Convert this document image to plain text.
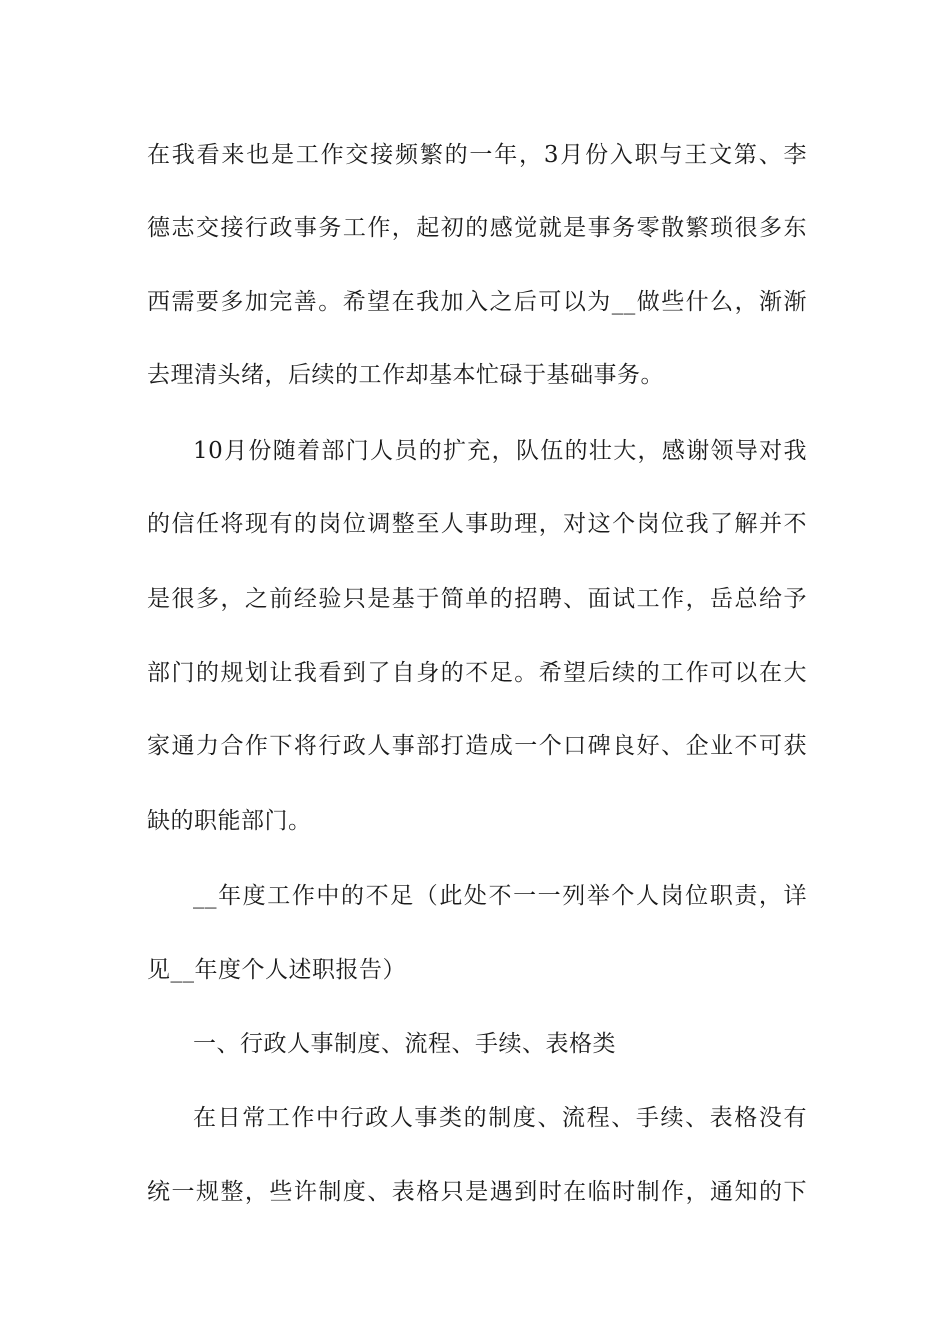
在我看来也是工作交接频繁的一年，3月份入职与王文第、李
德志交接行政事务工作，起初的感觉就是事务零散繁琐很多东
西需要多加完善。希望在我加入之后可以为__做些什么，渐渐
去理清头绪，后续的工作却基本忙碌于基础事务。
10月份随着部门人员的扩充，队伍的壮大，感谢领导对我
的信任将现有的岗位调整至人事助理，对这个岗位我了解并不
是很多，之前经验只是基于简单的招聘、面试工作，岳总给予
部门的规划让我看到了自身的不足。希望后续的工作可以在大
家通力合作下将行政人事部打造成一个口碑良好、企业不可获
缺的职能部门。
__年度工作中的不足（此处不一一列举个人岗位职责，详
见__年度个人述职报告）
一、行政人事制度、流程、手续、表格类
在日常工作中行政人事类的制度、流程、手续、表格没有
统一规整，些许制度、表格只是遇到时在临时制作，通知的下
